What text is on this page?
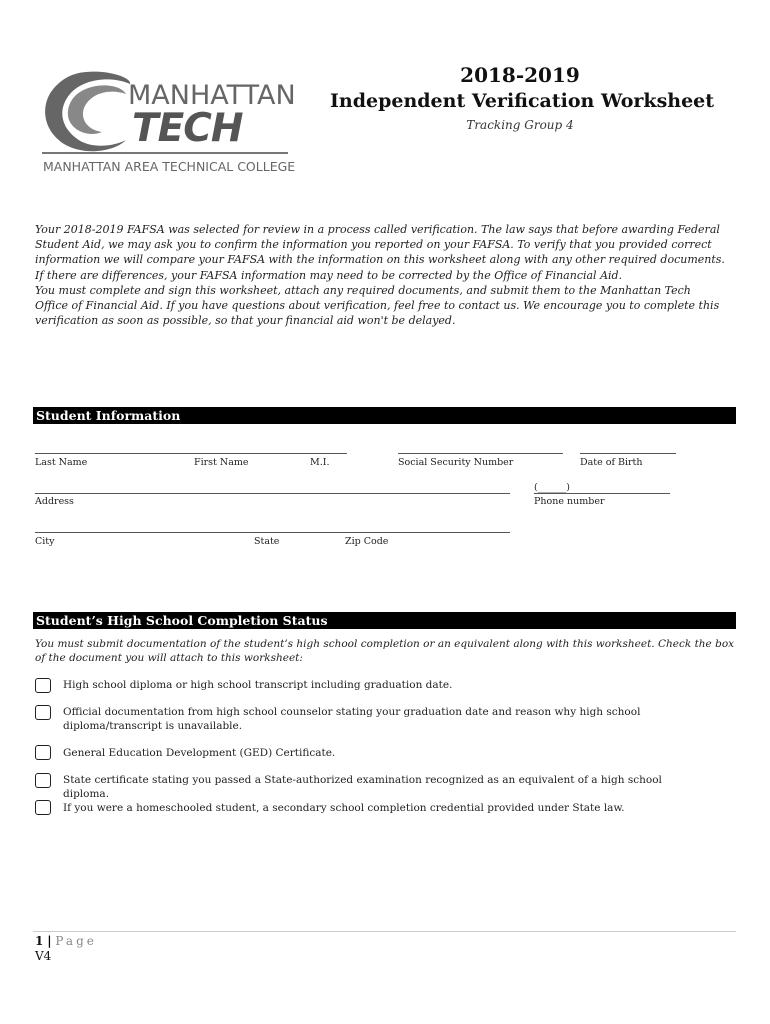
MANHATTAN
TECH
MANHATTAN AREA TECHNICAL COLLEGE
2018-2019
Independent Verification Worksheet
Tracking Group 4

Your 2018-2019 FAFSA was selected for review in a process called verification. The law says that before awarding Federal Student Aid, we may ask you to confirm the information you reported on your FAFSA. To verify that you provided correct information we will compare your FAFSA with the information on this worksheet along with any other required documents. If there are differences, your FAFSA information may need to be corrected by the Office of Financial Aid.

You must complete and sign this worksheet, attach any required documents, and submit them to the Manhattan Tech Office of Financial Aid. If you have questions about verification, feel free to contact us. We encourage you to complete this verification as soon as possible, so that your financial aid won't be delayed.

Student Information
Last Name	First Name	M.I.	Social Security Number	Date of Birth
(______)
Address	Phone number
City	State	Zip Code
Student’s High School Completion Status
You must submit documentation of the student’s high school completion or an equivalent along with this worksheet. Check the box of the document you will attach to this worksheet:
High school diploma or high school transcript including graduation date.
Official documentation from high school counselor stating your graduation date and reason why high school diploma/transcript is unavailable.
General Education Development (GED) Certificate.
State certificate stating you passed a State-authorized examination recognized as an equivalent of a high school diploma.
If you were a homeschooled student, a secondary school completion credential provided under State law.
1 | Page
V4
